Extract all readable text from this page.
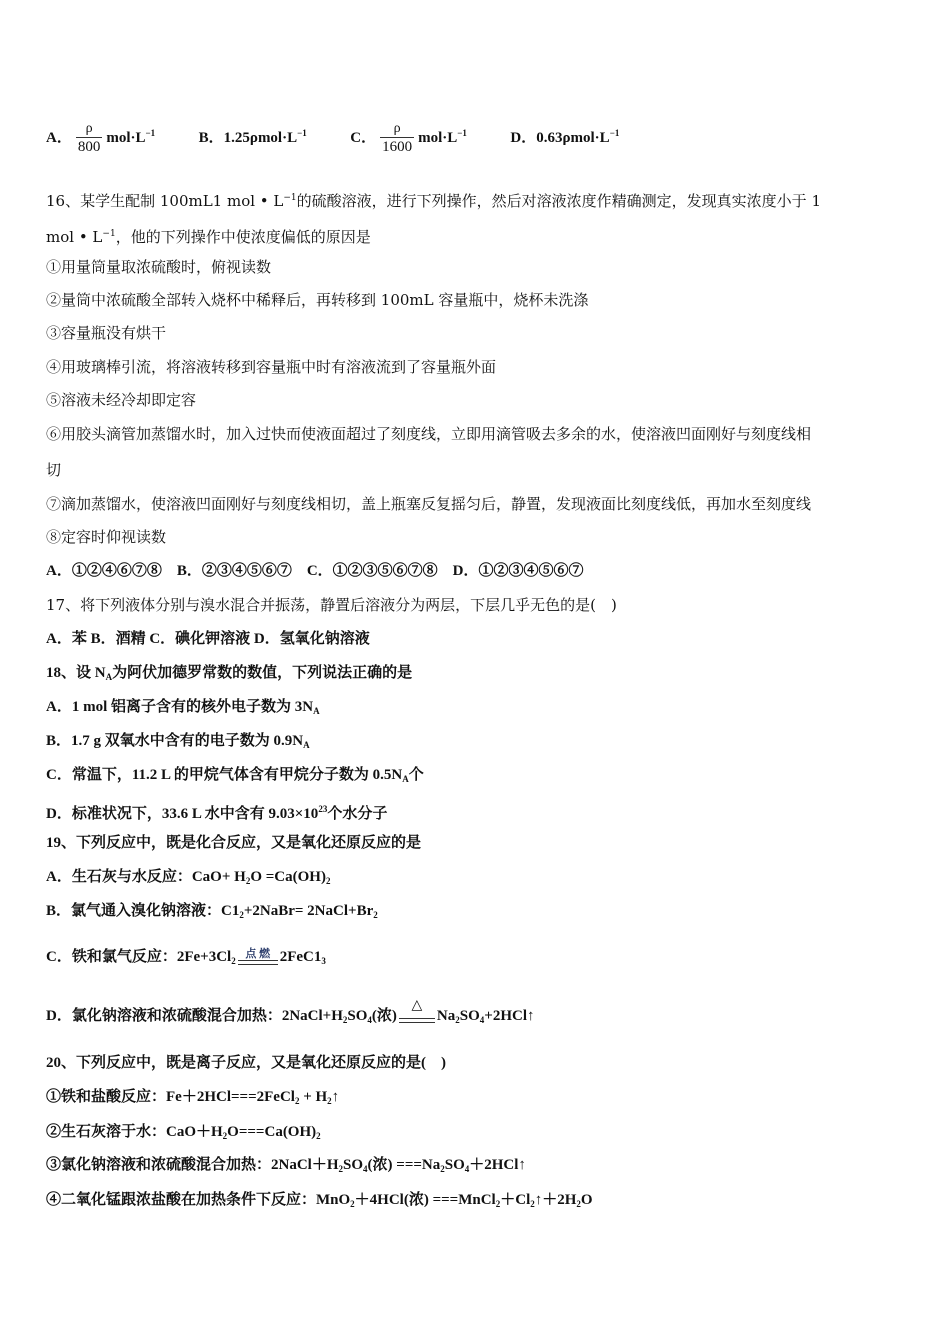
A． $\frac{\rho}{800} mol\cdot L^{-1}$	B．$1.25\rho mol\cdot L^{-1}$	C． $\frac{\rho}{1600} mol\cdot L^{-1}$	D．$0.63\rho mol\cdot L^{-1}$
16、某学生配制 100mL1 mol • $L^{-1}$的硫酸溶液，进行下列操作，然后对溶液浓度作精确测定，发现真实浓度小于 1
mol • $L^{-1}$，他的下列操作中使浓度偏低的原因是
①用量筒量取浓硫酸时，俯视读数
②量筒中浓硫酸全部转入烧杯中稀释后，再转移到 100mL 容量瓶中，烧杯未洗涤
③容量瓶没有烘干
④用玻璃棒引流，将溶液转移到容量瓶中时有溶液流到了容量瓶外面
⑤溶液未经冷却即定容
⑥用胶头滴管加蒸馏水时，加入过快而使液面超过了刻度线，立即用滴管吸去多余的水，使溶液凹面刚好与刻度线相
切
⑦滴加蒸馏水，使溶液凹面刚好与刻度线相切，盖上瓶塞反复摇匀后，静置，发现液面比刻度线低，再加水至刻度线
⑧定容时仰视读数
A．①②④⑥⑦⑧　B．②③④⑤⑥⑦　C．①②③⑤⑥⑦⑧　D．①②③④⑤⑥⑦
17、将下列液体分别与溴水混合并振荡，静置后溶液分为两层，下层几乎无色的是(　)
A．苯 B．酒精 C．碘化钾溶液 D．氢氧化钠溶液
18、设 $N_A$为阿伏加德罗常数的数值，下列说法正确的是
A．1 mol 铝离子含有的核外电子数为 $3N_A$
B．1.7 g 双氧水中含有的电子数为 $0.9N_A$
C．常温下，11.2 L 的甲烷气体含有甲烷分子数为 $0.5N_A$个
D．标准状况下，33.6 L 水中含有 $9.03\times 10^{23}$个水分子
19、下列反应中，既是化合反应，又是氧化还原反应的是
A．生石灰与水反应：$CaO+ H_2O =Ca(OH)_2$
B．氯气通入溴化钠溶液：$C1_2+2NaBr=$ $2NaCl+Br_2$
C．铁和氯气反应：$2Fe+3Cl_2$
点 燃 $2FeC1_3$
D．氯化钠溶液和浓硫酸混合加热：$2NaCl+H_2SO_4$(浓)
△
$Na_2SO_4+2HCl↑$
20、下列反应中，既是离子反应，又是氧化还原反应的是(　)
①铁和盐酸反应：Fe＋2HCl===2FeCl$_2$ + $H_2↑$
②生石灰溶于水：$CaO+H_2O===Ca(OH)_2$
③氯化钠溶液和浓硫酸混合加热：$2NaCl+H_2SO_4$(浓) $===Na_2SO_4+2HCl↑$
④二氧化锰跟浓盐酸在加热条件下反应：MnO$_2$＋4HCl(浓) $===MnCl_2+Cl_2↑+2H_2O$
